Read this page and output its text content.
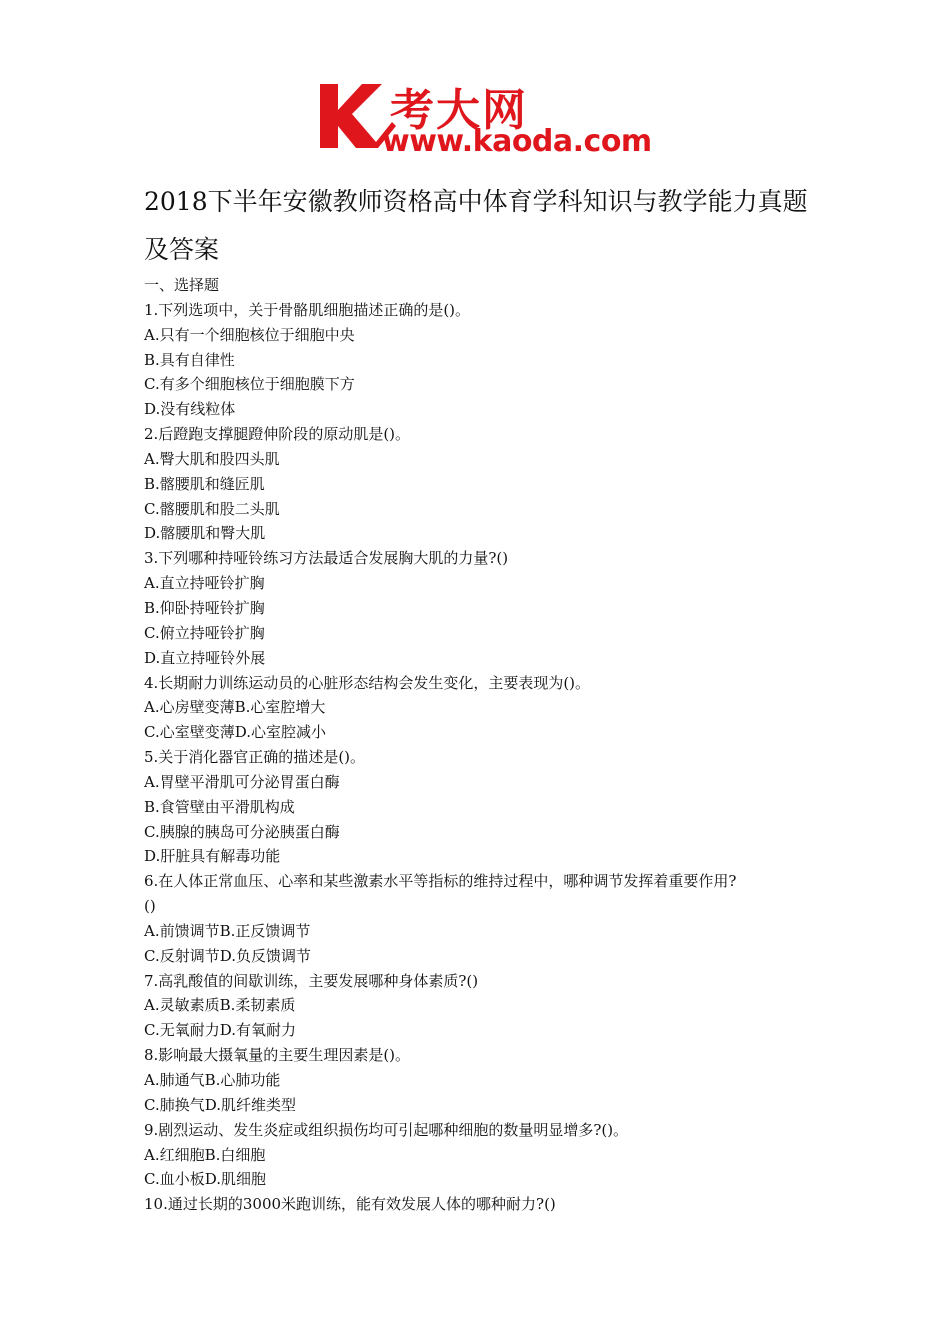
考大网
www.kaoda.com
2018下半年安徽教师资格高中体育学科知识与教学能力真题及答案
一、选择题
1.下列选项中，关于骨骼肌细胞描述正确的是()。
A.只有一个细胞核位于细胞中央
B.具有自律性
C.有多个细胞核位于细胞膜下方
D.没有线粒体
2.后蹬跑支撑腿蹬伸阶段的原动肌是()。
A.臀大肌和股四头肌
B.髂腰肌和缝匠肌
C.髂腰肌和股二头肌
D.髂腰肌和臀大肌
3.下列哪种持哑铃练习方法最适合发展胸大肌的力量?()
A.直立持哑铃扩胸
B.仰卧持哑铃扩胸
C.俯立持哑铃扩胸
D.直立持哑铃外展
4.长期耐力训练运动员的心脏形态结构会发生变化，主要表现为()。
A.心房壁变薄B.心室腔增大
C.心室壁变薄D.心室腔减小
5.关于消化器官正确的描述是()。
A.胃壁平滑肌可分泌胃蛋白酶
B.食管壁由平滑肌构成
C.胰腺的胰岛可分泌胰蛋白酶
D.肝脏具有解毒功能
6.在人体正常血压、心率和某些激素水平等指标的维持过程中，哪种调节发挥着重要作用?
()
A.前馈调节B.正反馈调节
C.反射调节D.负反馈调节
7.高乳酸值的间歇训练，主要发展哪种身体素质?()
A.灵敏素质B.柔韧素质
C.无氧耐力D.有氧耐力
8.影响最大摄氧量的主要生理因素是()。
A.肺通气B.心肺功能
C.肺换气D.肌纤维类型
9.剧烈运动、发生炎症或组织损伤均可引起哪种细胞的数量明显增多?()。
A.红细胞B.白细胞
C.血小板D.肌细胞
10.通过长期的3000米跑训练，能有效发展人体的哪种耐力?()
